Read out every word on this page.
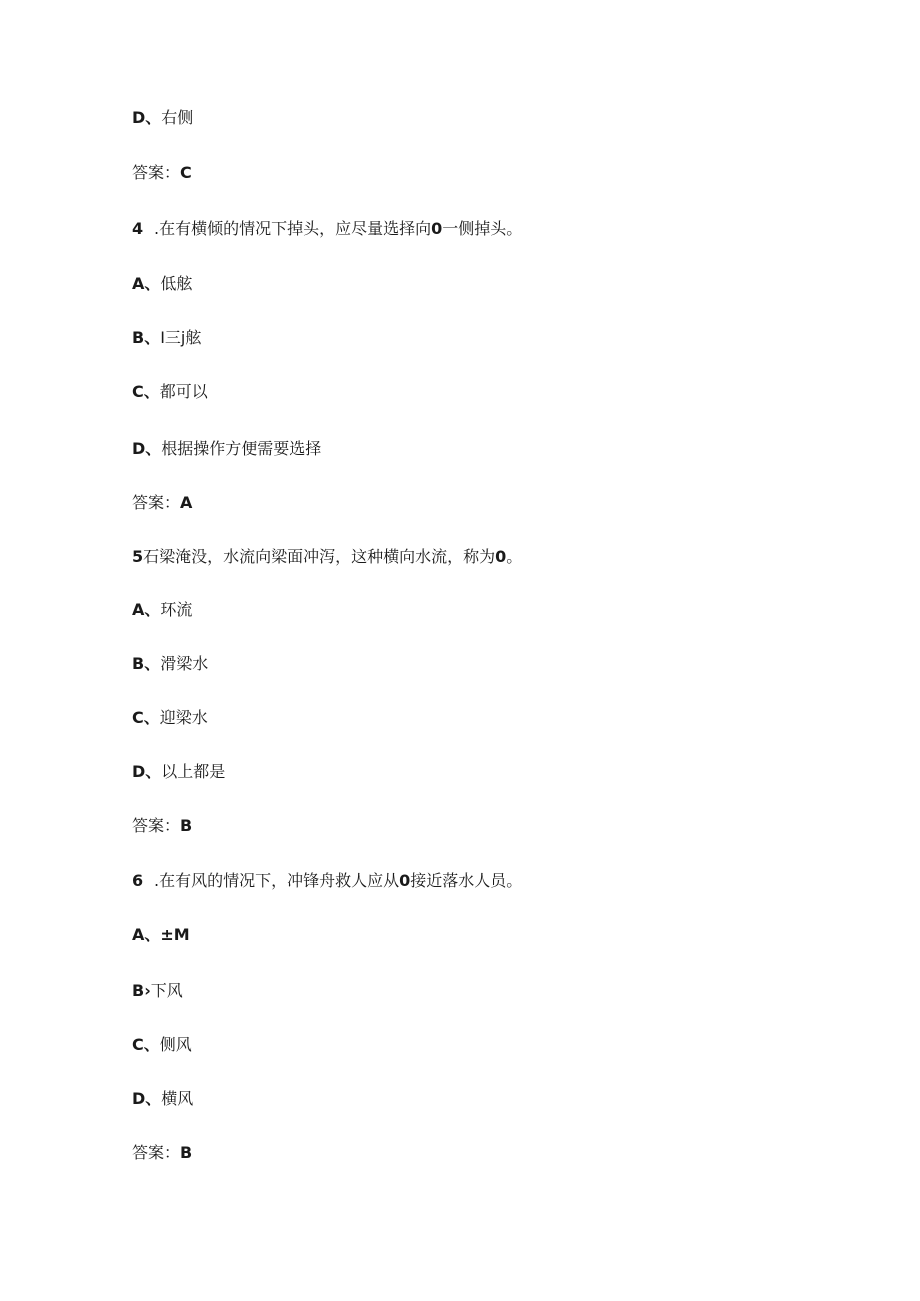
D、右侧
答案：C
4 .在有横倾的情况下掉头，应尽量选择向0一侧掉头。
A、低舷
B、I三j舷
C、都可以
D、根据操作方便需要选择
答案：A
5石梁淹没，水流向梁面冲泻，这种横向水流，称为0。
A、环流
B、滑梁水
C、迎梁水
D、以上都是
答案：B
6 .在有风的情况下，冲锋舟救人应从0接近落水人员。
A、±M
B›下风
C、侧风
D、横风
答案：B
